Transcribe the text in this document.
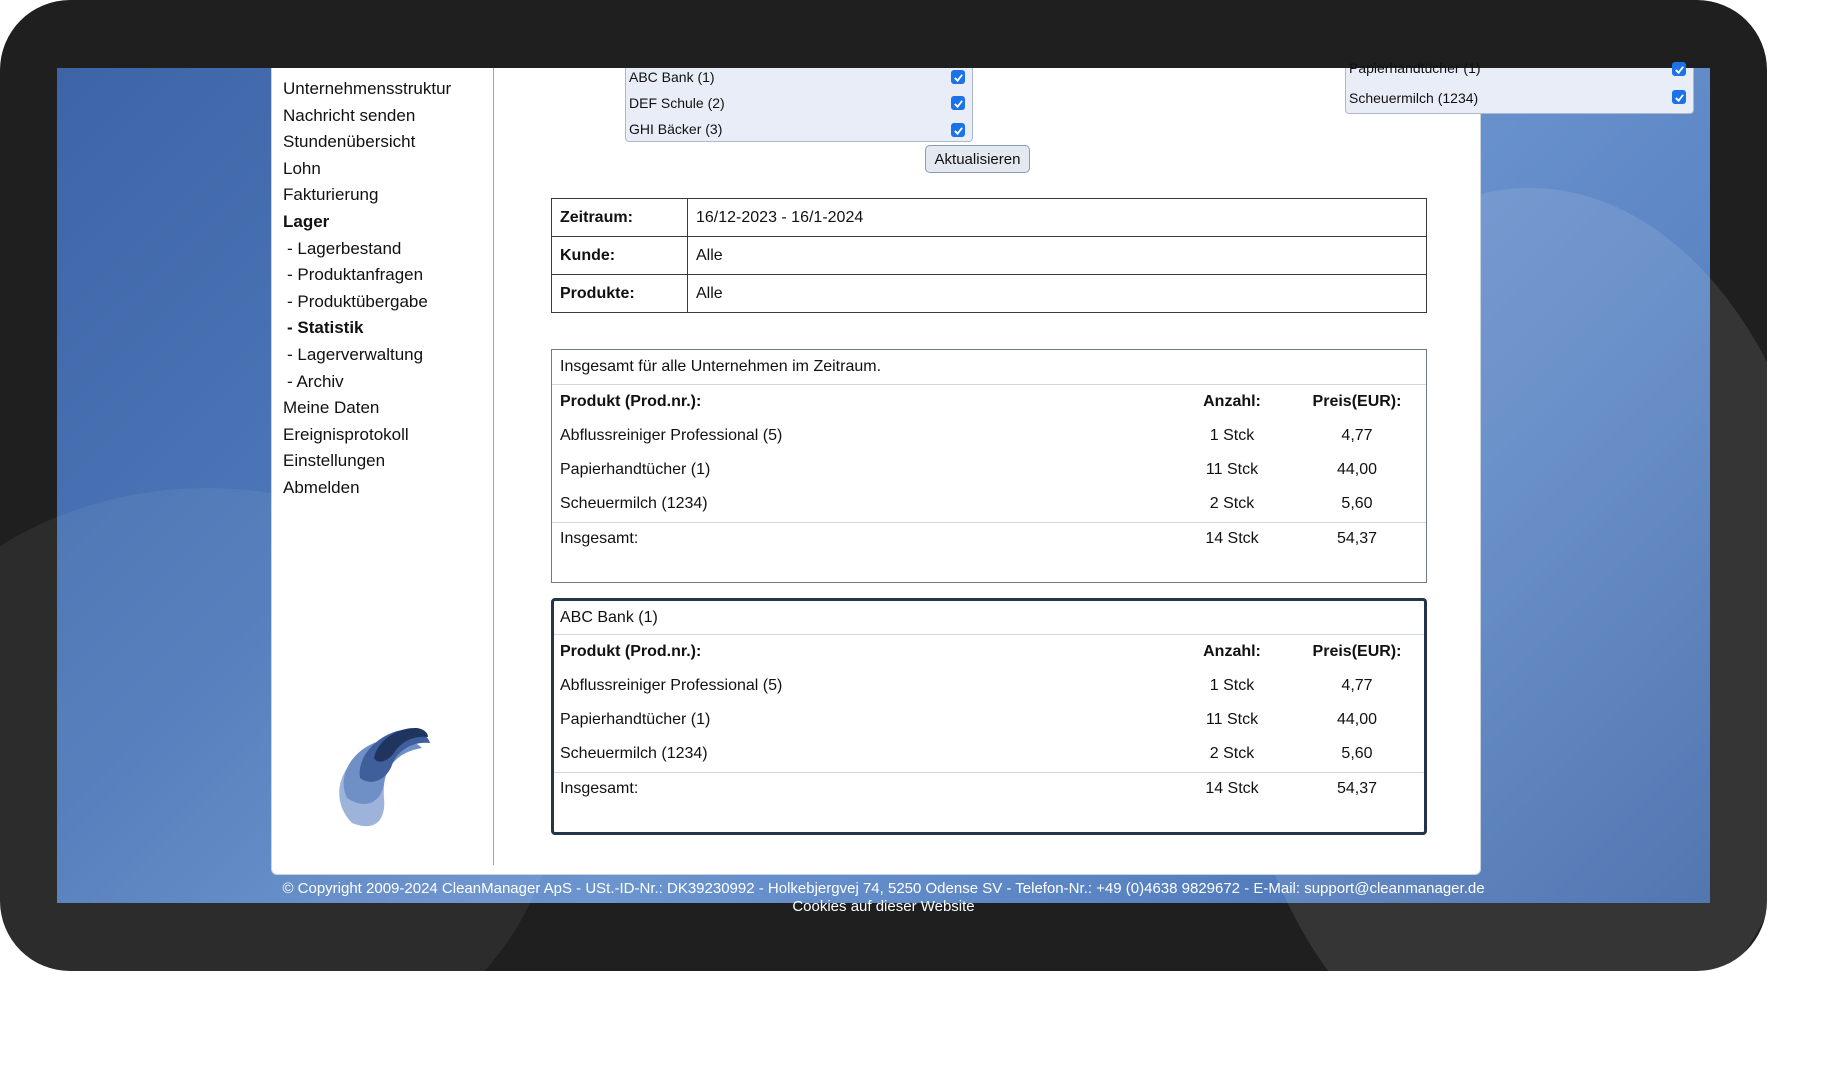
Unternehmensstruktur
Nachricht senden
Stundenübersicht
Lohn
Fakturierung
Lager
- Lagerbestand
- Produktanfragen
- Produktübergabe
- Statistik
- Lagerverwaltung
- Archiv
Meine Daten
Ereignisprotokoll
Einstellungen
Abmelden
ABC Bank (1)
DEF Schule (2)
GHI Bäcker (3)
Papierhandtücher (1)
Scheuermilch (1234)
Aktualisieren
Zeitraum:	16/12-2023 - 16/1-2024
Kunde:	Alle
Produkte:	Alle
Insgesamt für alle Unternehmen im Zeitraum.
Produkt (Prod.nr.):	Anzahl:	Preis(EUR):
Abflussreiniger Professional (5)	1 Stck	4,77
Papierhandtücher (1)	11 Stck	44,00
Scheuermilch (1234)	2 Stck	5,60
Insgesamt:	14 Stck	54,37
ABC Bank (1)
Produkt (Prod.nr.):	Anzahl:	Preis(EUR):
Abflussreiniger Professional (5)	1 Stck	4,77
Papierhandtücher (1)	11 Stck	44,00
Scheuermilch (1234)	2 Stck	5,60
Insgesamt:	14 Stck	54,37
© Copyright 2009-2024 CleanManager ApS - USt.-ID-Nr.: DK39230992 - Holkebjergvej 74, 5250 Odense SV - Telefon-Nr.: +49 (0)4638 9829672 - E-Mail: support@cleanmanager.de
Cookies auf dieser Website
